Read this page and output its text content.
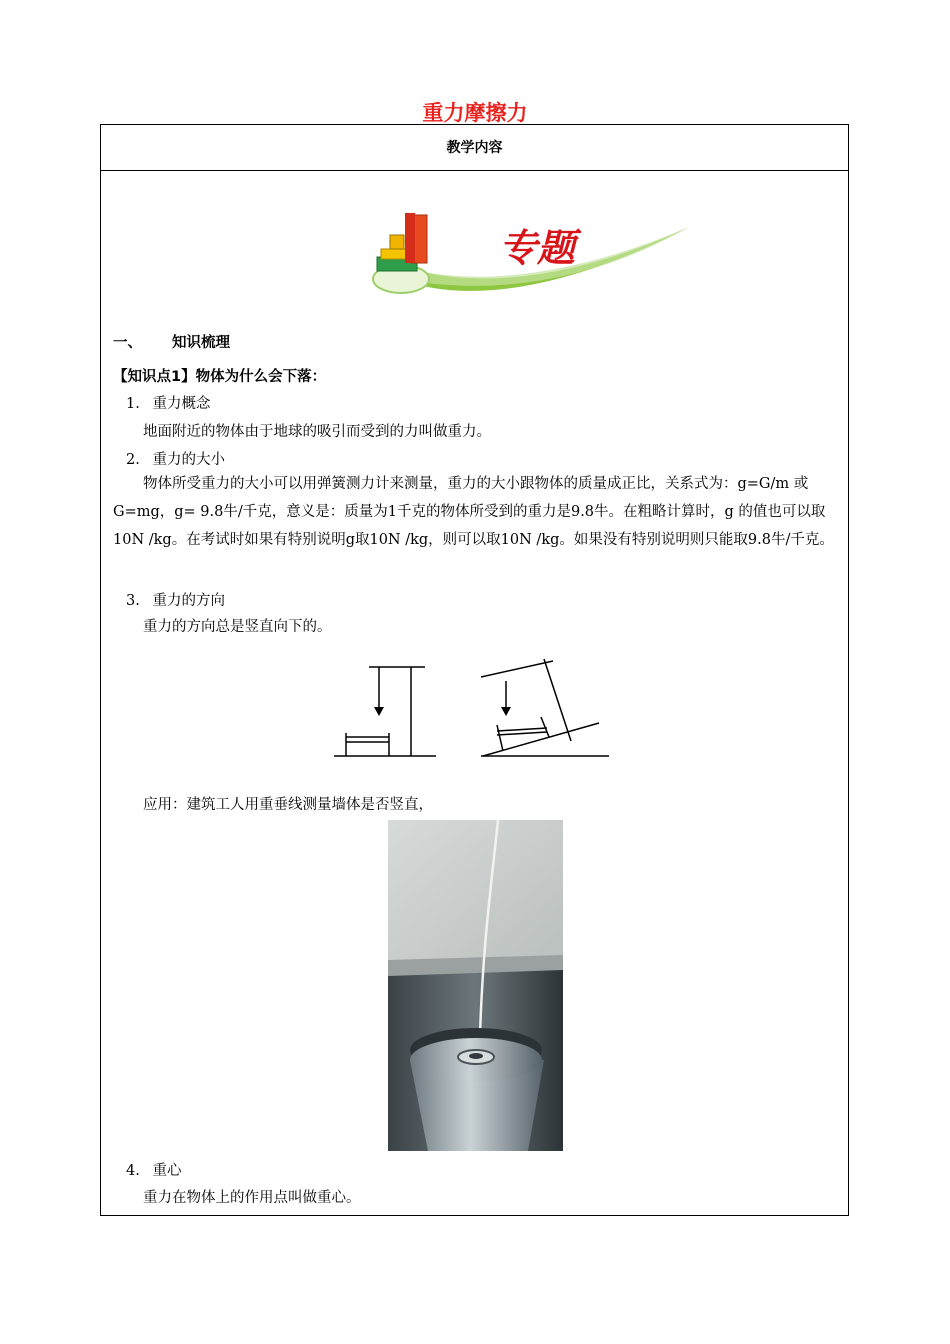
重力摩擦力
教学内容
专题
一、 知识梳理
【知识点1】物体为什么会下落：
1. 重力概念
地面附近的物体由于地球的吸引而受到的力叫做重力。
2. 重力的大小
物体所受重力的大小可以用弹簧测力计来测量，重力的大小跟物体的质量成正比，关系式为：g=G/m 或G=mg，g= 9.8牛/千克，意义是：质量为1千克的物体所受到的重力是9.8牛。在粗略计算时，g 的值也可以取10N /kg。在考试时如果有特别说明g取10N /kg，则可以取10N /kg。如果没有特别说明则只能取9.8牛/千克。
3. 重力的方向
重力的方向总是竖直向下的。
应用：建筑工人用重垂线测量墙体是否竖直，
4. 重心
重力在物体上的作用点叫做重心。
